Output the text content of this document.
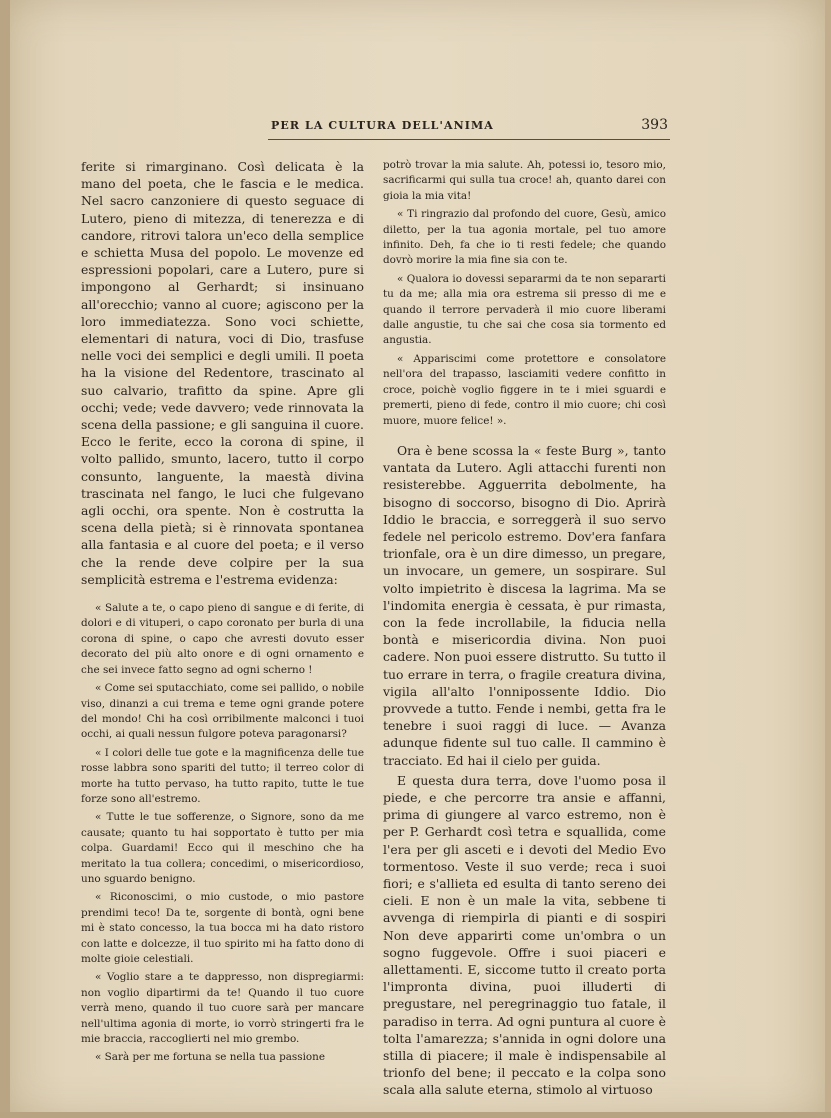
PER LA CULTURA DELL'ANIMA	393

ferite si rimarginano. Così delicata è la mano del poeta, che le fascia e le medica. Nel sacro canzoniere di questo seguace di Lutero, pieno di mitezza, di tenerezza e di candore, ritrovi talora un'eco della semplice e schietta Musa del popolo. Le movenze ed espressioni popolari, care a Lutero, pure si impongono al Gerhardt; si insinuano all'orecchio; vanno al cuore; agiscono per la loro immediatezza. Sono voci schiette, elementari di natura, voci di Dio, trasfuse nelle voci dei semplici e degli umili. Il poeta ha la visione del Redentore, trascinato al suo calvario, trafitto da spine. Apre gli occhi; vede; vede davvero; vede rinnovata la scena della passione; e gli sanguina il cuore. Ecco le ferite, ecco la corona di spine, il volto pallido, smunto, lacero, tutto il corpo consunto, languente, la maestà divina trascinata nel fango, le luci che fulgevano agli occhi, ora spente. Non è costrutta la scena della pietà; si è rinnovata spontanea alla fantasia e al cuore del poeta; e il verso che la rende deve colpire per la sua semplicità estrema e l'estrema evidenza:

« Salute a te, o capo pieno di sangue e di ferite, di dolori e di vituperi, o capo coronato per burla di una corona di spine, o capo che avresti dovuto esser decorato del più alto onore e di ogni ornamento e che sei invece fatto segno ad ogni scherno !

« Come sei sputacchiato, come sei pallido, o nobile viso, dinanzi a cui trema e teme ogni grande potere del mondo! Chi ha così orribilmente malconci i tuoi occhi, ai quali nessun fulgore poteva paragonarsi?

« I colori delle tue gote e la magnificenza delle tue rosse labbra sono spariti del tutto; il terreo color di morte ha tutto pervaso, ha tutto rapito, tutte le tue forze sono all'estremo.

« Tutte le tue sofferenze, o Signore, sono da me causate; quanto tu hai sopportato è tutto per mia colpa. Guardami! Ecco qui il meschino che ha meritato la tua collera; concedimi, o misericordioso, uno sguardo benigno.

« Riconoscimi, o mio custode, o mio pastore prendimi teco! Da te, sorgente di bontà, ogni bene mi è stato concesso, la tua bocca mi ha dato ristoro con latte e dolcezze, il tuo spirito mi ha fatto dono di molte gioie celestiali.

« Voglio stare a te dappresso, non dispregiarmi: non voglio dipartirmi da te! Quando il tuo cuore verrà meno, quando il tuo cuore sarà per mancare nell'ultima agonia di morte, io vorrò stringerti fra le mie braccia, raccoglierti nel mio grembo.

« Sarà per me fortuna se nella tua passione

potrò trovar la mia salute. Ah, potessi io, tesoro mio, sacrificarmi qui sulla tua croce! ah, quanto darei con gioia la mia vita!

« Ti ringrazio dal profondo del cuore, Gesù, amico diletto, per la tua agonia mortale, pel tuo amore infinito. Deh, fa che io ti resti fedele; che quando dovrò morire la mia fine sia con te.

« Qualora io dovessi separarmi da te non separarti tu da me; alla mia ora estrema sii presso di me e quando il terrore pervaderà il mio cuore liberami dalle angustie, tu che sai che cosa sia tormento ed angustia.

« Appariscimi come protettore e consolatore nell'ora del trapasso, lasciamiti vedere confitto in croce, poichè voglio figgere in te i miei sguardi e premerti, pieno di fede, contro il mio cuore; chi così muore, muore felice! ».

Ora è bene scossa la « feste Burg », tanto vantata da Lutero. Agli attacchi furenti non resisterebbe. Agguerrita debolmente, ha bisogno di soccorso, bisogno di Dio. Aprirà Iddio le braccia, e sorreggerà il suo servo fedele nel pericolo estremo. Dov'era fanfara trionfale, ora è un dire dimesso, un pregare, un invocare, un gemere, un sospirare. Sul volto impietrito è discesa la lagrima. Ma se l'indomita energia è cessata, è pur rimasta, con la fede incrollabile, la fiducia nella bontà e misericordia divina. Non puoi cadere. Non puoi essere distrutto. Su tutto il tuo errare in terra, o fragile creatura divina, vigila all'alto l'onnipossente Iddio. Dio provvede a tutto. Fende i nembi, getta fra le tenebre i suoi raggi di luce. — Avanza adunque fidente sul tuo calle. Il cammino è tracciato. Ed hai il cielo per guida.

E questa dura terra, dove l'uomo posa il piede, e che percorre tra ansie e affanni, prima di giungere al varco estremo, non è per P. Gerhardt così tetra e squallida, come l'era per gli asceti e i devoti del Medio Evo tormentoso. Veste il suo verde; reca i suoi fiori; e s'allieta ed esulta di tanto sereno dei cieli. E non è un male la vita, sebbene ti avvenga di riempirla di pianti e di sospiri Non deve apparirti come un'ombra o un sogno fuggevole. Offre i suoi piaceri e allettamenti. E, siccome tutto il creato porta l'impronta divina, puoi illuderti di pregustare, nel peregrinaggio tuo fatale, il paradiso in terra. Ad ogni puntura al cuore è tolta l'amarezza; s'annida in ogni dolore una stilla di piacere; il male è indispensabile al trionfo del bene; il peccato e la colpa sono scala alla salute eterna, stimolo al virtuoso
